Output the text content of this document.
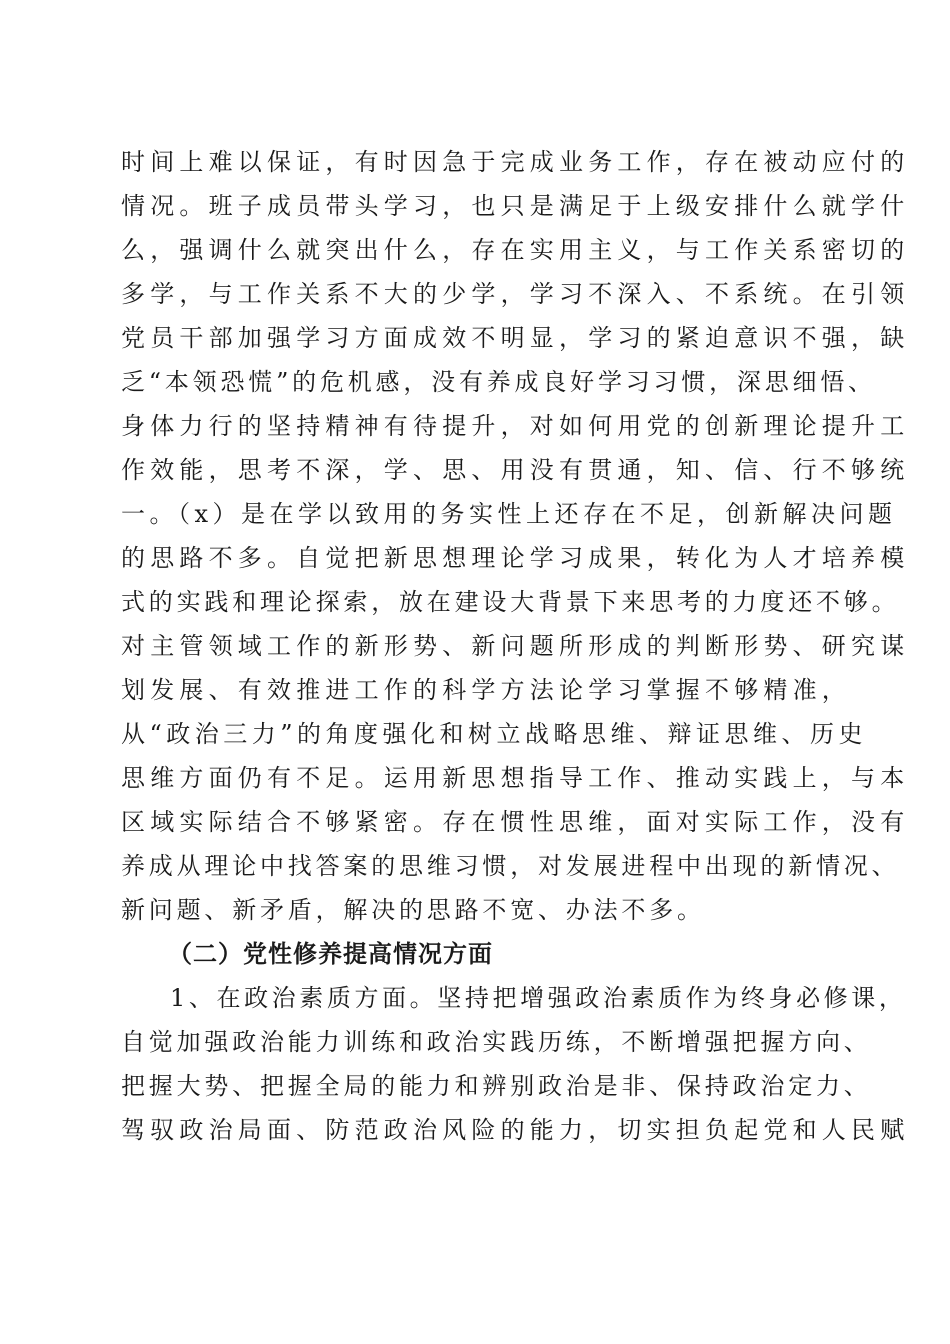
时间上难以保证，有时因急于完成业务工作，存在被动应付的
情况。班子成员带头学习，也只是满足于上级安排什么就学什
么，强调什么就突出什么，存在实用主义，与工作关系密切的
多学，与工作关系不大的少学，学习不深入、不系统。在引领
党员干部加强学习方面成效不明显，学习的紧迫意识不强，缺
乏“本领恐慌”的危机感，没有养成良好学习习惯，深思细悟、
身体力行的坚持精神有待提升，对如何用党的创新理论提升工
作效能，思考不深，学、思、用没有贯通，知、信、行不够统
一。（x）是在学以致用的务实性上还存在不足，创新解决问题
的思路不多。自觉把新思想理论学习成果，转化为人才培养模
式的实践和理论探索，放在建设大背景下来思考的力度还不够。
对主管领域工作的新形势、新问题所形成的判断形势、研究谋
划发展、有效推进工作的科学方法论学习掌握不够精准，
从“政治三力”的角度强化和树立战略思维、辩证思维、历史
思维方面仍有不足。运用新思想指导工作、推动实践上，与本
区域实际结合不够紧密。存在惯性思维，面对实际工作，没有
养成从理论中找答案的思维习惯，对发展进程中出现的新情况、
新问题、新矛盾，解决的思路不宽、办法不多。
（二）党性修养提高情况方面
1、在政治素质方面。坚持把增强政治素质作为终身必修课，
自觉加强政治能力训练和政治实践历练，不断增强把握方向、
把握大势、把握全局的能力和辨别政治是非、保持政治定力、
驾驭政治局面、防范政治风险的能力，切实担负起党和人民赋
